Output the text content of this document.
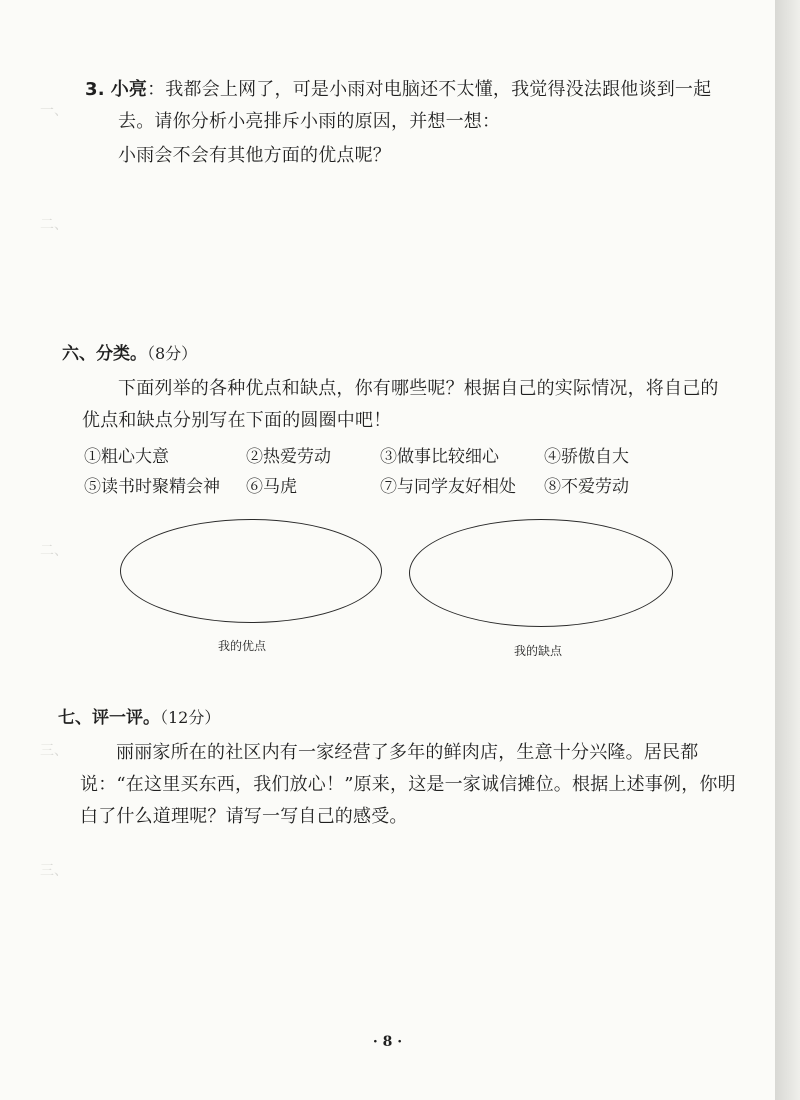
一、
二、
二、
三、
三、
3. 小亮：我都会上网了，可是小雨对电脑还不太懂，我觉得没法跟他谈到一起
去。请你分析小亮排斥小雨的原因，并想一想：
小雨会不会有其他方面的优点呢？
六、分类。（8分）
下面列举的各种优点和缺点，你有哪些呢？根据自己的实际情况，将自己的
优点和缺点分别写在下面的圆圈中吧！
①粗心大意	②热爱劳动	③做事比较细心	④骄傲自大
⑤读书时聚精会神 ⑥马虎	⑦与同学友好相处 ⑧不爱劳动
我的优点	我的缺点
七、评一评。（12分）
丽丽家所在的社区内有一家经营了多年的鲜肉店，生意十分兴隆。居民都
说：“在这里买东西，我们放心！”原来，这是一家诚信摊位。根据上述事例，你明
白了什么道理呢？请写一写自己的感受。
· 8 ·
